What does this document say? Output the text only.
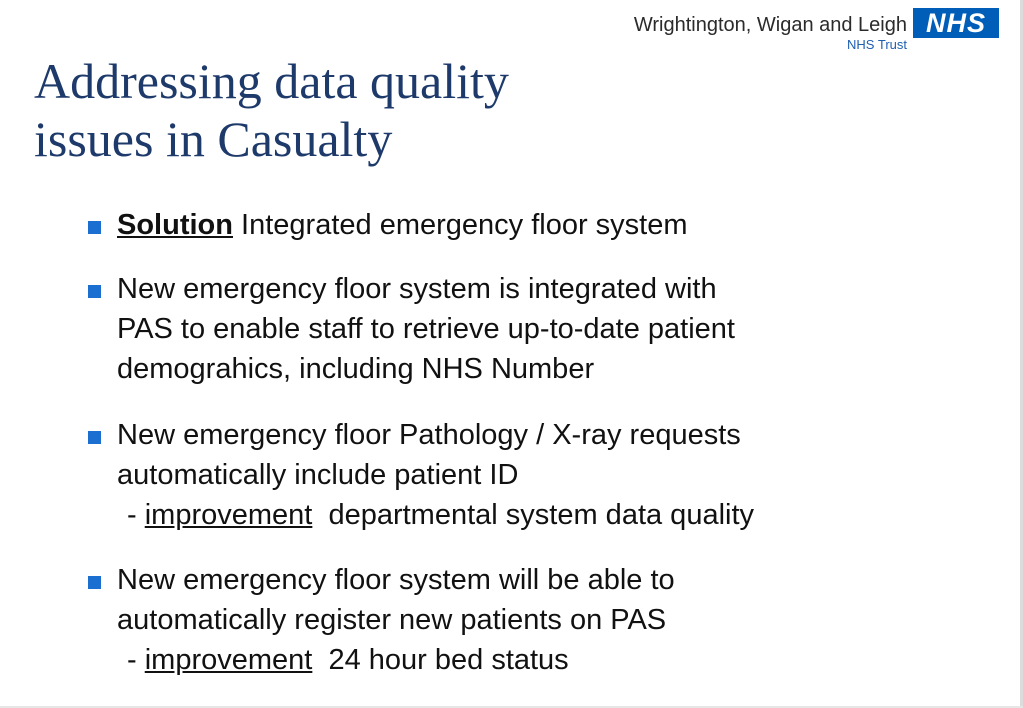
Wrightington, Wigan and Leigh
NHS Trust
NHS
Addressing data quality
issues in Casualty
Solution Integrated emergency floor system
New emergency floor system is integrated with
PAS to enable staff to retrieve up-to-date patient
demograhics, including NHS Number
New emergency floor Pathology / X-ray requests
automatically include patient ID
- improvement  departmental system data quality
New emergency floor system will be able to
automatically register new patients on PAS
- improvement  24 hour bed status
